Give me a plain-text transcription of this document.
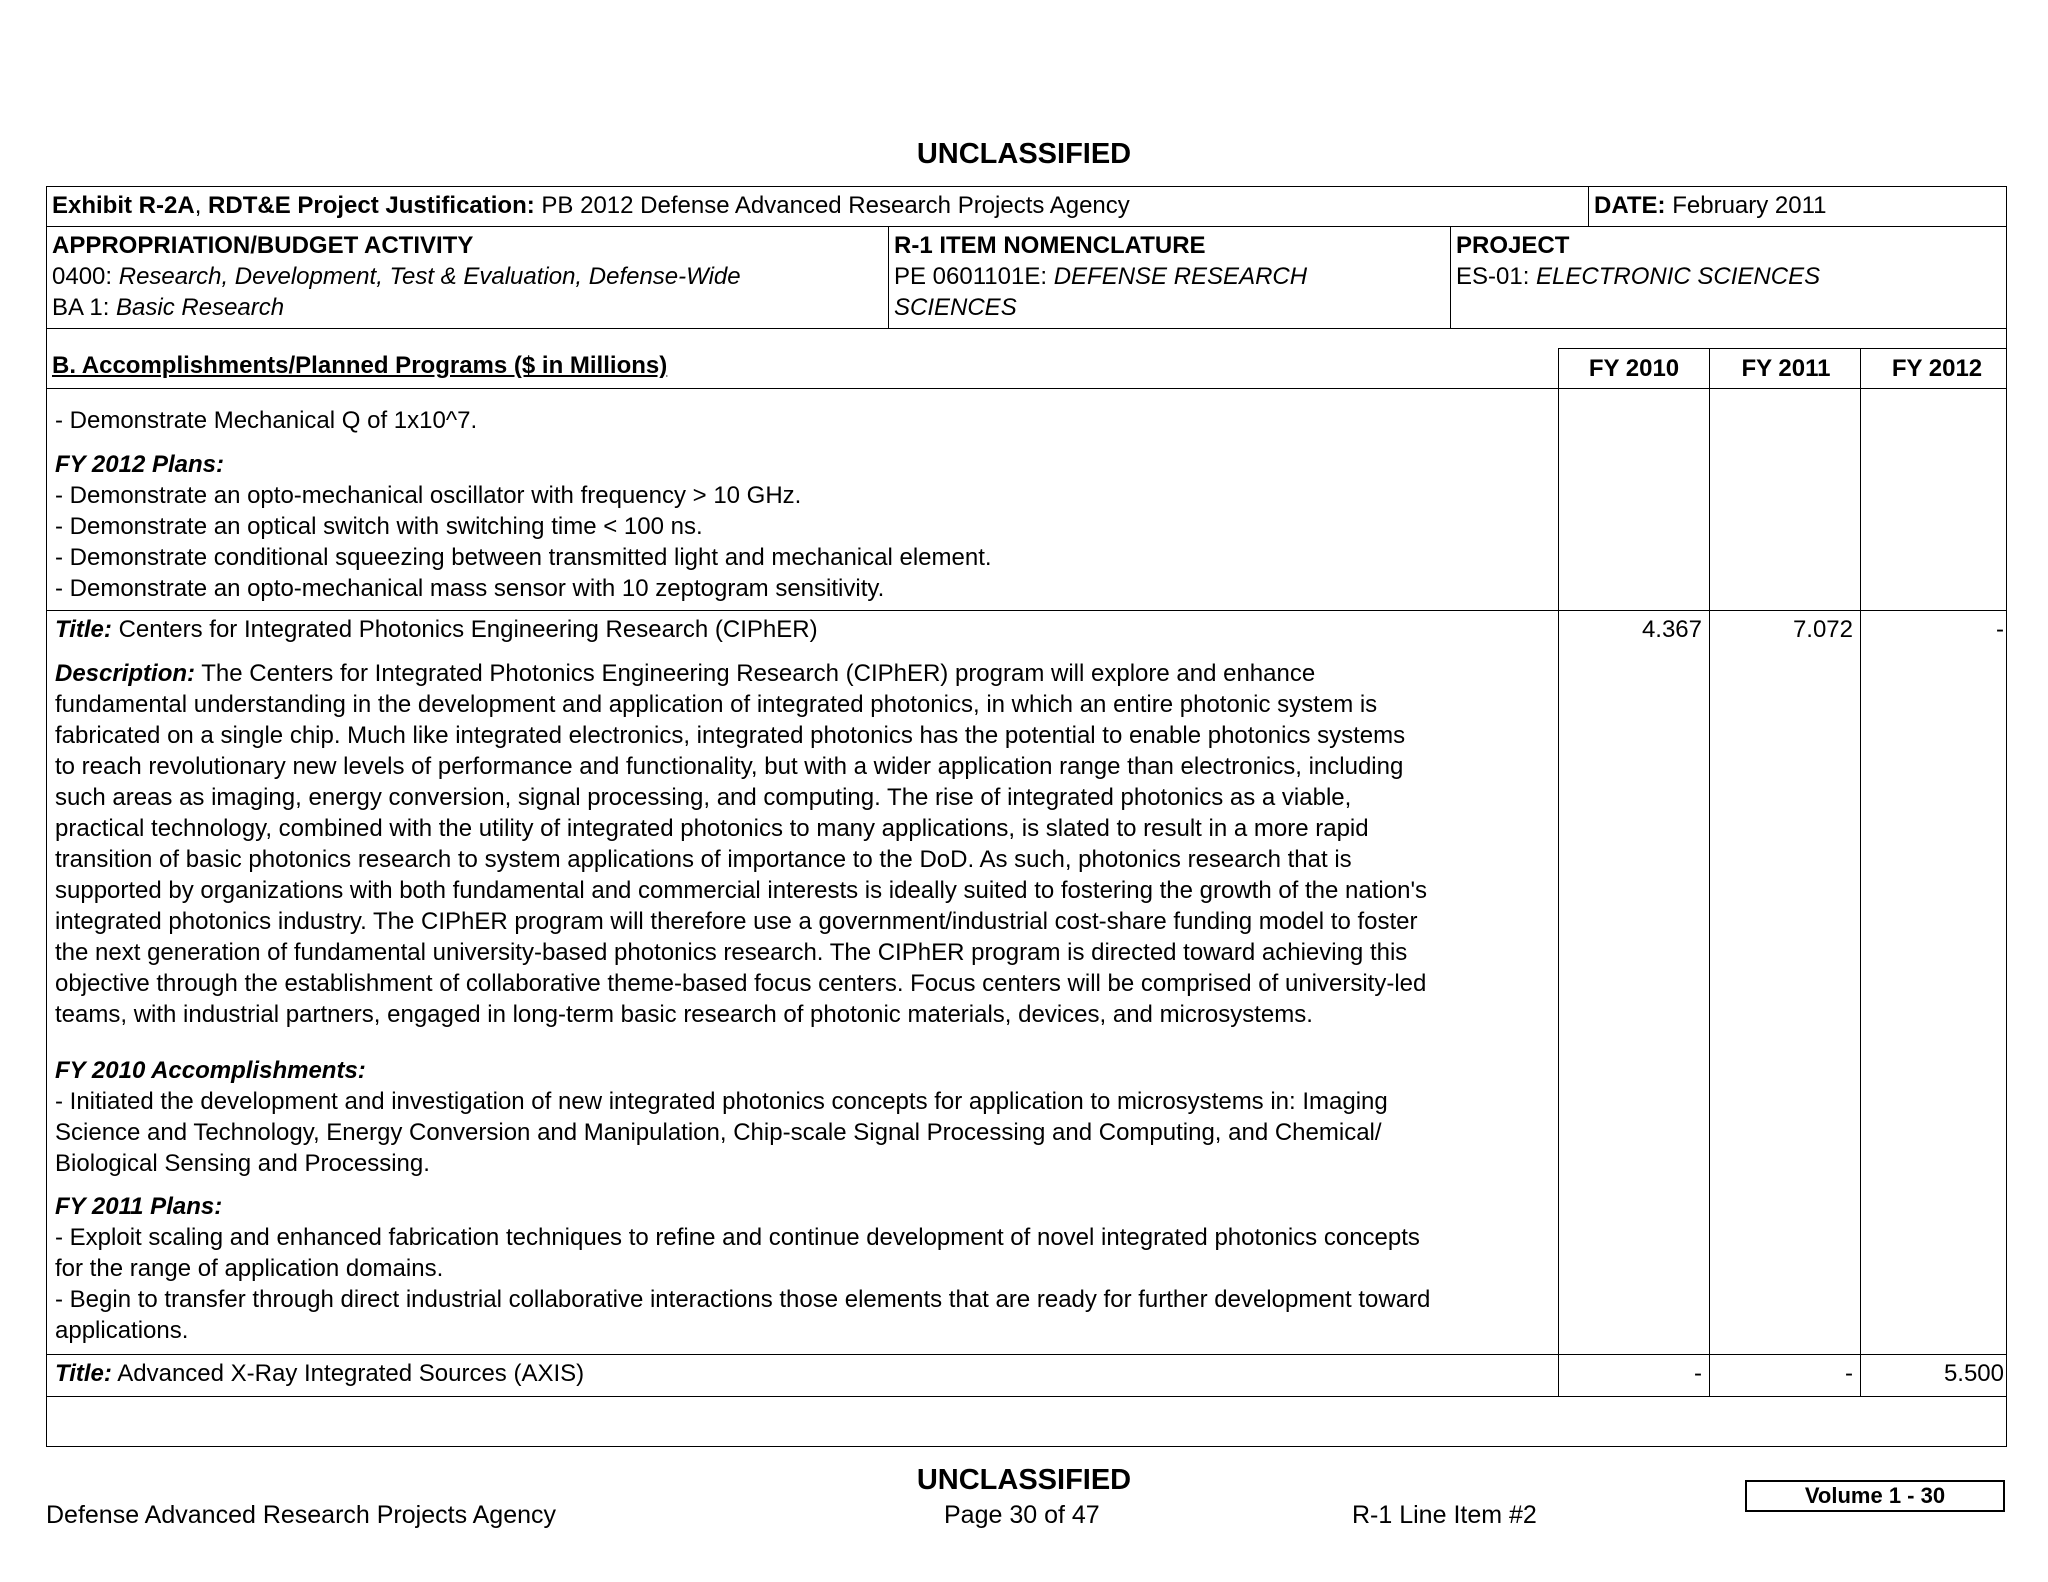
UNCLASSIFIED
Exhibit R-2A, RDT&E Project Justification: PB 2012 Defense Advanced Research Projects Agency	DATE: February 2011
APPROPRIATION/BUDGET ACTIVITY
0400: Research, Development, Test & Evaluation, Defense-Wide
BA 1: Basic Research
R-1 ITEM NOMENCLATURE
PE 0601101E: DEFENSE RESEARCH
SCIENCES
PROJECT
ES-01: ELECTRONIC SCIENCES
B. Accomplishments/Planned Programs ($ in Millions)	FY 2010	FY 2011	FY 2012
- Demonstrate Mechanical Q of 1x10^7.
FY 2012 Plans:
- Demonstrate an opto-mechanical oscillator with frequency > 10 GHz.
- Demonstrate an optical switch with switching time < 100 ns.
- Demonstrate conditional squeezing between transmitted light and mechanical element.
- Demonstrate an opto-mechanical mass sensor with 10 zeptogram sensitivity.
Title: Centers for Integrated Photonics Engineering Research (CIPhER)	4.367	7.072	-
Description: The Centers for Integrated Photonics Engineering Research (CIPhER) program will explore and enhance
fundamental understanding in the development and application of integrated photonics, in which an entire photonic system is
fabricated on a single chip. Much like integrated electronics, integrated photonics has the potential to enable photonics systems
to reach revolutionary new levels of performance and functionality, but with a wider application range than electronics, including
such areas as imaging, energy conversion, signal processing, and computing. The rise of integrated photonics as a viable,
practical technology, combined with the utility of integrated photonics to many applications, is slated to result in a more rapid
transition of basic photonics research to system applications of importance to the DoD. As such, photonics research that is
supported by organizations with both fundamental and commercial interests is ideally suited to fostering the growth of the nation's
integrated photonics industry. The CIPhER program will therefore use a government/industrial cost-share funding model to foster
the next generation of fundamental university-based photonics research. The CIPhER program is directed toward achieving this
objective through the establishment of collaborative theme-based focus centers. Focus centers will be comprised of university-led
teams, with industrial partners, engaged in long-term basic research of photonic materials, devices, and microsystems.
FY 2010 Accomplishments:
- Initiated the development and investigation of new integrated photonics concepts for application to microsystems in: Imaging
Science and Technology, Energy Conversion and Manipulation, Chip-scale Signal Processing and Computing, and Chemical/
Biological Sensing and Processing.
FY 2011 Plans:
- Exploit scaling and enhanced fabrication techniques to refine and continue development of novel integrated photonics concepts
for the range of application domains.
- Begin to transfer through direct industrial collaborative interactions those elements that are ready for further development toward
applications.
Title: Advanced X-Ray Integrated Sources (AXIS)	-	-	5.500
UNCLASSIFIED
Defense Advanced Research Projects Agency	Page 30 of 47	R-1 Line Item #2
Volume 1 - 30
